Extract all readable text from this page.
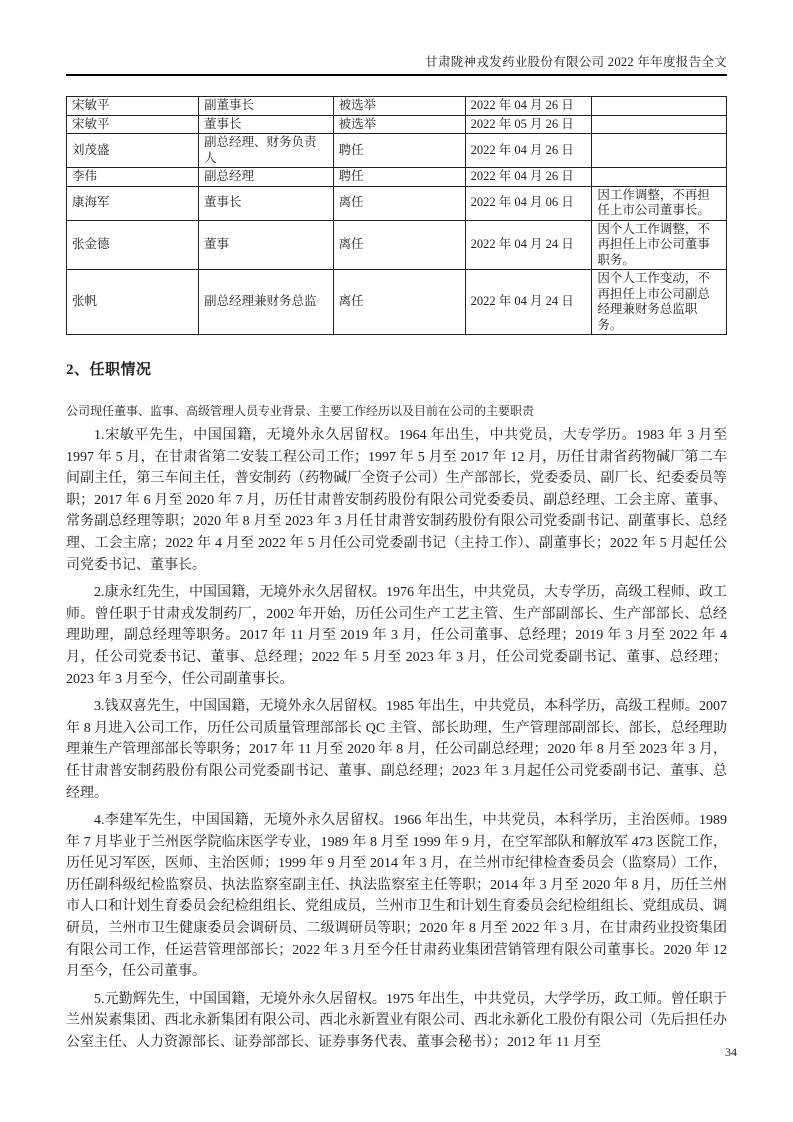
甘肃陇神戎发药业股份有限公司 2022 年年度报告全文
宋敏平	副董事长	被选举	2022 年 04 月 26 日	
宋敏平	董事长	被选举	2022 年 05 月 26 日	
刘茂盛	副总经理、财务负责人	聘任	2022 年 04 月 26 日	
李伟	副总经理	聘任	2022 年 04 月 26 日	
康海军	董事长	离任	2022 年 04 月 06 日	因工作调整，不再担任上市公司董事长。
张金德	董事	离任	2022 年 04 月 24 日	因个人工作调整，不再担任上市公司董事职务。
张帆	副总经理兼财务总监	离任	2022 年 04 月 24 日	因个人工作变动，不再担任上市公司副总经理兼财务总监职务。
2、任职情况

公司现任董事、监事、高级管理人员专业背景、主要工作经历以及目前在公司的主要职责

1.宋敏平先生，中国国籍，无境外永久居留权。1964 年出生，中共党员，大专学历。1983 年 3 月至 1997 年 5 月，在甘肃省第二安装工程公司工作；1997 年 5 月至 2017 年 12 月，历任甘肃省药物碱厂第二车间副主任，第三车间主任，普安制药（药物碱厂全资子公司）生产部部长，党委委员、副厂长、纪委委员等职；2017 年 6 月至 2020 年 7 月，历任甘肃普安制药股份有限公司党委委员、副总经理、工会主席、董事、常务副总经理等职；2020 年 8 月至 2023 年 3 月任甘肃普安制药股份有限公司党委副书记、副董事长、总经理、工会主席；2022 年 4 月至 2022 年 5 月任公司党委副书记（主持工作）、副董事长；2022 年 5 月起任公司党委书记、董事长。

2.康永红先生，中国国籍，无境外永久居留权。1976 年出生，中共党员，大专学历，高级工程师、政工师。曾任职于甘肃戎发制药厂，2002 年开始，历任公司生产工艺主管、生产部副部长、生产部部长、总经理助理，副总经理等职务。2017 年 11 月至 2019 年 3 月，任公司董事、总经理；2019 年 3 月至 2022 年 4 月，任公司党委书记、董事、总经理；2022 年 5 月至 2023 年 3 月，任公司党委副书记、董事、总经理；2023 年 3 月至今，任公司副董事长。

3.钱双喜先生，中国国籍，无境外永久居留权。1985 年出生，中共党员，本科学历，高级工程师。2007 年 8 月进入公司工作，历任公司质量管理部部长 QC 主管、部长助理，生产管理部副部长、部长，总经理助理兼生产管理部部长等职务；2017 年 11 月至 2020 年 8 月，任公司副总经理；2020 年 8 月至 2023 年 3 月，任甘肃普安制药股份有限公司党委副书记、董事、副总经理；2023 年 3 月起任公司党委副书记、董事、总经理。

4.李建军先生，中国国籍，无境外永久居留权。1966 年出生，中共党员，本科学历，主治医师。1989 年 7 月毕业于兰州医学院临床医学专业，1989 年 8 月至 1999 年 9 月，在空军部队和解放军 473 医院工作，历任见习军医，医师、主治医师；1999 年 9 月至 2014 年 3 月，在兰州市纪律检查委员会（监察局）工作，历任副科级纪检监察员、执法监察室副主任、执法监察室主任等职；2014 年 3 月至 2020 年 8 月，历任兰州市人口和计划生育委员会纪检组组长、党组成员，兰州市卫生和计划生育委员会纪检组组长、党组成员、调研员，兰州市卫生健康委员会调研员、二级调研员等职；2020 年 8 月至 2022 年 3 月，在甘肃药业投资集团有限公司工作，任运营管理部部长；2022 年 3 月至今任甘肃药业集团营销管理有限公司董事长。2020 年 12 月至今，任公司董事。

5.元勤辉先生，中国国籍，无境外永久居留权。1975 年出生，中共党员，大学学历，政工师。曾任职于兰州炭素集团、西北永新集团有限公司、西北永新置业有限公司、西北永新化工股份有限公司（先后担任办公室主任、人力资源部长、证券部部长、证券事务代表、董事会秘书）；2012 年 11 月至

34
